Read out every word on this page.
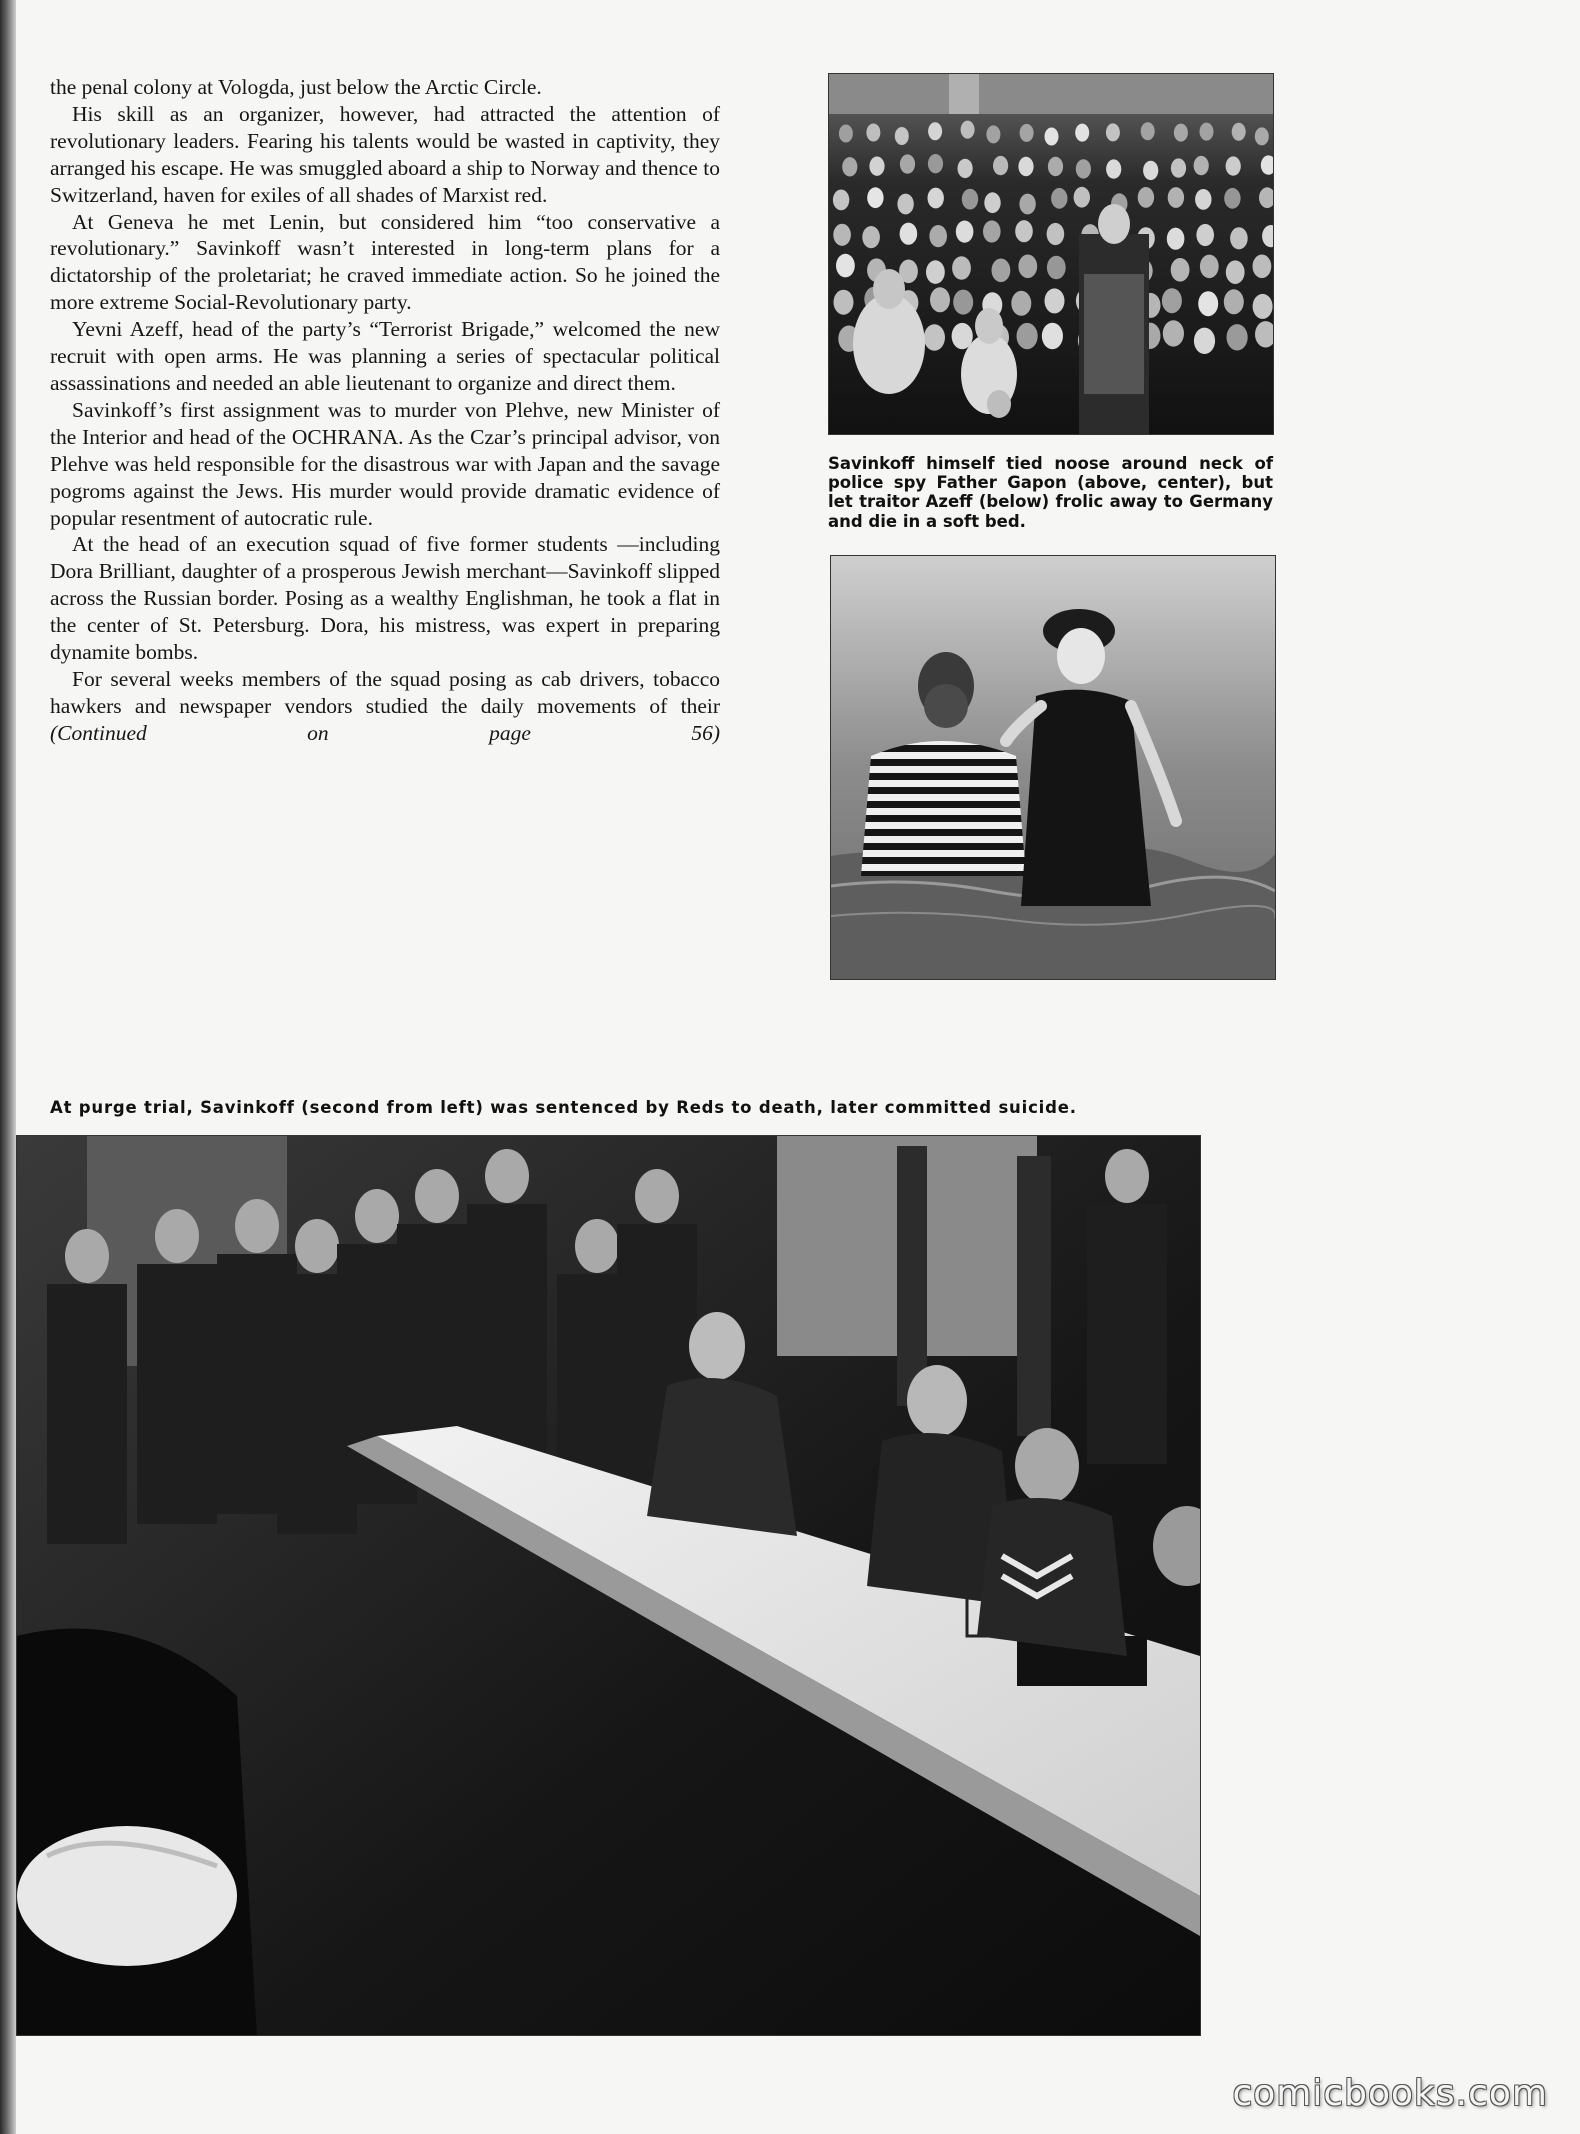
the penal colony at Vologda, just below the Arctic Circle.

His skill as an organizer, however, had attracted the attention of revolutionary leaders. Fearing his talents would be wasted in captivity, they arranged his escape. He was smuggled aboard a ship to Norway and thence to Switzerland, haven for exiles of all shades of Marxist red.

At Geneva he met Lenin, but considered him “too conservative a revolutionary.” Savinkoff wasn’t interested in long-term plans for a dictatorship of the proletariat; he craved immediate action. So he joined the more extreme Social-Revolutionary party.

Yevni Azeff, head of the party’s “Terrorist Brigade,” welcomed the new recruit with open arms. He was planning a series of spectacular political assassinations and needed an able lieutenant to organize and direct them.

Savinkoff’s first assignment was to murder von Plehve, new Minister of the Interior and head of the OCHRANA. As the Czar’s principal advisor, von Plehve was held responsible for the disastrous war with Japan and the savage pogroms against the Jews. His murder would provide dramatic evidence of popular resentment of autocratic rule.

At the head of an execution squad of five former students —including Dora Brilliant, daughter of a prosperous Jewish merchant—Savinkoff slipped across the Russian border. Posing as a wealthy Englishman, he took a flat in the center of St. Petersburg. Dora, his mistress, was expert in preparing dynamite bombs.

For several weeks members of the squad posing as cab drivers, tobacco hawkers and newspaper vendors studied the daily movements of their (Continued on page 56)

Savinkoff himself tied noose around neck of police spy Father Gapon (above, center), but let traitor Azeff (below) frolic away to Germany and die in a soft bed.
At purge trial, Savinkoff (second from left) was sentenced by Reds to death, later committed suicide.
comicbooks.com
